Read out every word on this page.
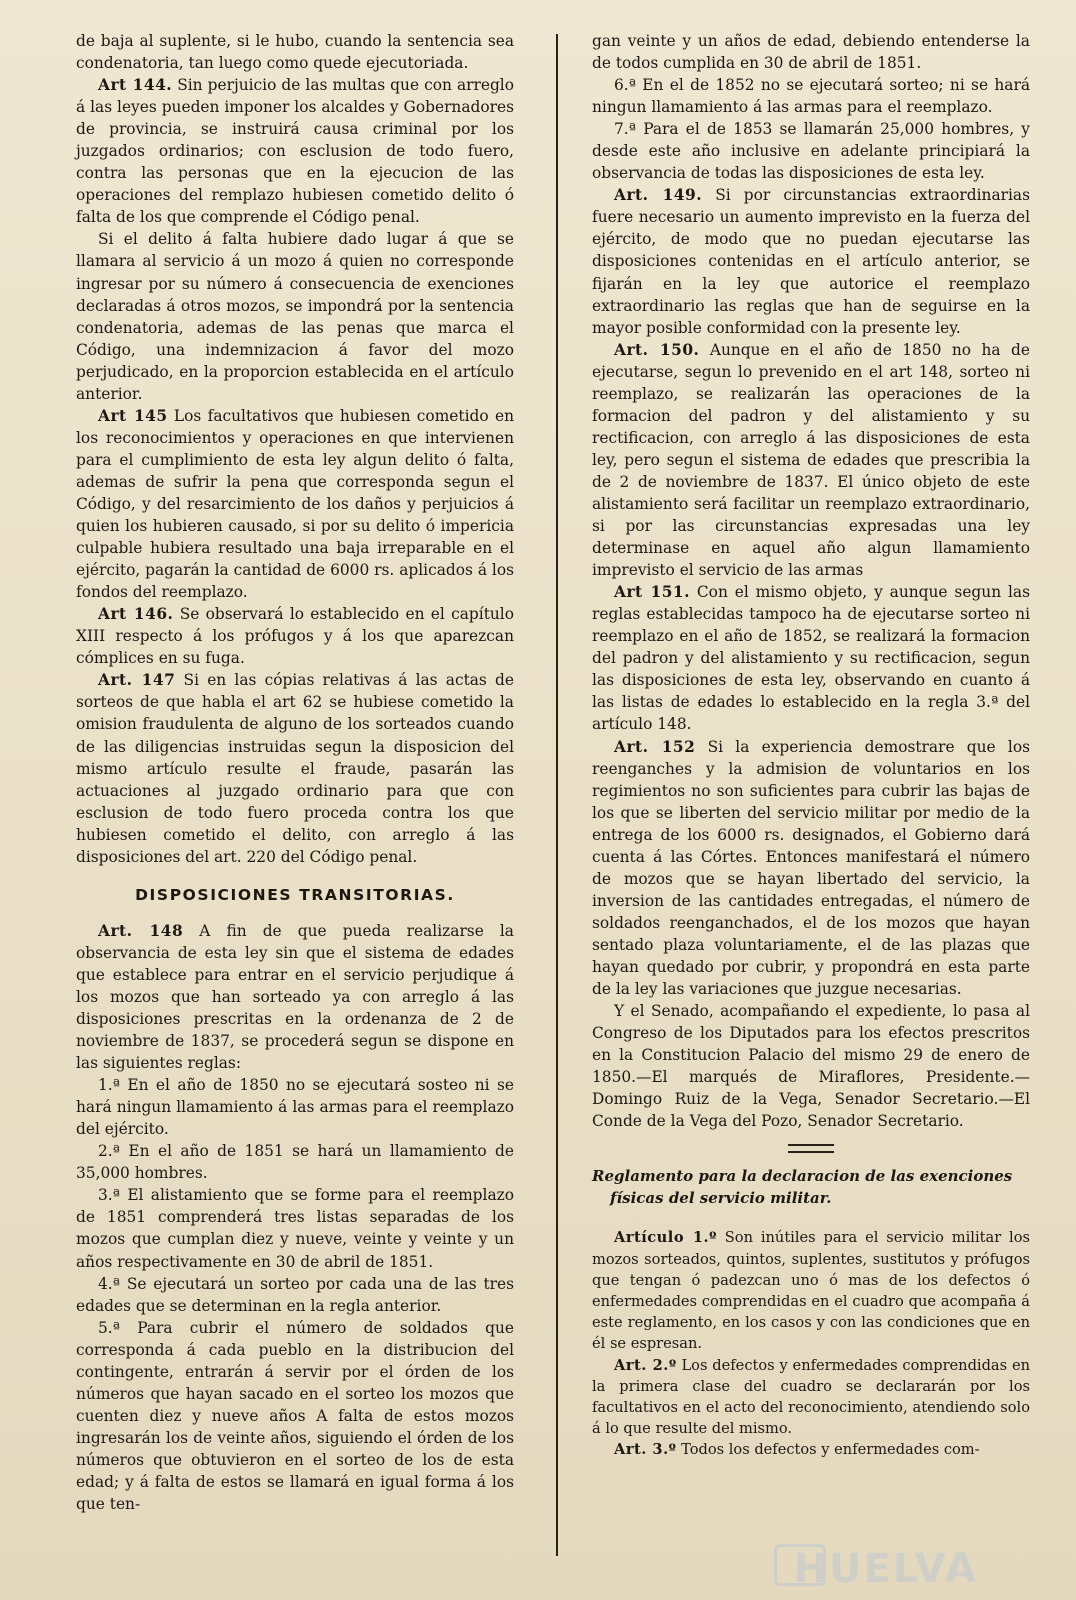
de baja al suplente, si le hubo, cuando la sentencia sea condenatoria, tan luego como quede ejecutoriada.

Art 144. Sin perjuicio de las multas que con arreglo á las leyes pueden imponer los alcaldes y Gobernadores de provincia, se instruirá causa criminal por los juzgados ordinarios; con esclusion de todo fuero, contra las personas que en la ejecucion de las operaciones del remplazo hubiesen cometido delito ó falta de los que comprende el Código penal.

Si el delito á falta hubiere dado lugar á que se llamara al servicio á un mozo á quien no corresponde ingresar por su número á consecuencia de exenciones declaradas á otros mozos, se impondrá por la sentencia condenatoria, ademas de las penas que marca el Código, una indemnizacion á favor del mozo perjudicado, en la proporcion establecida en el artículo anterior.

Art 145 Los facultativos que hubiesen cometido en los reconocimientos y operaciones en que intervienen para el cumplimiento de esta ley algun delito ó falta, ademas de sufrir la pena que corresponda segun el Código, y del resarcimiento de los daños y perjuicios á quien los hubieren causado, si por su delito ó impericia culpable hubiera resultado una baja irreparable en el ejército, pagarán la cantidad de 6000 rs. aplicados á los fondos del reemplazo.

Art 146. Se observará lo establecido en el capítulo XIII respecto á los prófugos y á los que aparezcan cómplices en su fuga.

Art. 147 Si en las cópias relativas á las actas de sorteos de que habla el art 62 se hubiese cometido la omision fraudulenta de alguno de los sorteados cuando de las diligencias instruidas segun la disposicion del mismo artículo resulte el fraude, pasarán las actuaciones al juzgado ordinario para que con esclusion de todo fuero proceda contra los que hubiesen cometido el delito, con arreglo á las disposiciones del art. 220 del Código penal.

DISPOSICIONES TRANSITORIAS.

Art. 148 A fin de que pueda realizarse la observancia de esta ley sin que el sistema de edades que establece para entrar en el servicio perjudique á los mozos que han sorteado ya con arreglo á las disposiciones prescritas en la ordenanza de 2 de noviembre de 1837, se procederá segun se dispone en las siguientes reglas:

1.ª En el año de 1850 no se ejecutará sosteo ni se hará ningun llamamiento á las armas para el reemplazo del ejército.

2.ª En el año de 1851 se hará un llamamiento de 35,000 hombres.

3.ª El alistamiento que se forme para el reemplazo de 1851 comprenderá tres listas separadas de los mozos que cumplan diez y nueve, veinte y veinte y un años respectivamente en 30 de abril de 1851.

4.ª Se ejecutará un sorteo por cada una de las tres edades que se determinan en la regla anterior.

5.ª Para cubrir el número de soldados que corresponda á cada pueblo en la distribucion del contingente, entrarán á servir por el órden de los números que hayan sacado en el sorteo los mozos que cuenten diez y nueve años A falta de estos mozos ingresarán los de veinte años, siguiendo el órden de los números que obtuvieron en el sorteo de los de esta edad; y á falta de estos se llamará en igual forma á los que ten-

gan veinte y un años de edad, debiendo entenderse la de todos cumplida en 30 de abril de 1851.

6.ª En el de 1852 no se ejecutará sorteo; ni se hará ningun llamamiento á las armas para el reemplazo.

7.ª Para el de 1853 se llamarán 25,000 hombres, y desde este año inclusive en adelante principiará la observancia de todas las disposiciones de esta ley.

Art. 149. Si por circunstancias extraordinarias fuere necesario un aumento imprevisto en la fuerza del ejército, de modo que no puedan ejecutarse las disposiciones contenidas en el artículo anterior, se fijarán en la ley que autorice el reemplazo extraordinario las reglas que han de seguirse en la mayor posible conformidad con la presente ley.

Art. 150. Aunque en el año de 1850 no ha de ejecutarse, segun lo prevenido en el art 148, sorteo ni reemplazo, se realizarán las operaciones de la formacion del padron y del alistamiento y su rectificacion, con arreglo á las disposiciones de esta ley, pero segun el sistema de edades que prescribia la de 2 de noviembre de 1837. El único objeto de este alistamiento será facilitar un reemplazo extraordinario, si por las circunstancias expresadas una ley determinase en aquel año algun llamamiento imprevisto el servicio de las armas

Art 151. Con el mismo objeto, y aunque segun las reglas establecidas tampoco ha de ejecutarse sorteo ni reemplazo en el año de 1852, se realizará la formacion del padron y del alistamiento y su rectificacion, segun las disposiciones de esta ley, observando en cuanto á las listas de edades lo establecido en la regla 3.ª del artículo 148.

Art. 152 Si la experiencia demostrare que los reenganches y la admision de voluntarios en los regimientos no son suficientes para cubrir las bajas de los que se liberten del servicio militar por medio de la entrega de los 6000 rs. designados, el Gobierno dará cuenta á las Córtes. Entonces manifestará el número de mozos que se hayan libertado del servicio, la inversion de las cantidades entregadas, el número de soldados reenganchados, el de los mozos que hayan sentado plaza voluntariamente, el de las plazas que hayan quedado por cubrir, y propondrá en esta parte de la ley las variaciones que juzgue necesarias.

Y el Senado, acompañando el expediente, lo pasa al Congreso de los Diputados para los efectos prescritos en la Constitucion Palacio del mismo 29 de enero de 1850.—El marqués de Miraflores, Presidente.—Domingo Ruiz de la Vega, Senador Secretario.—El Conde de la Vega del Pozo, Senador Secretario.

Reglamento para la declaracion de las exenciones
físicas del servicio militar.

Artículo 1.º Son inútiles para el servicio militar los mozos sorteados, quintos, suplentes, sustitutos y prófugos que tengan ó padezcan uno ó mas de los defectos ó enfermedades comprendidas en el cuadro que acompaña á este reglamento, en los casos y con las condiciones que en él se espresan.

Art. 2.º Los defectos y enfermedades comprendidas en la primera clase del cuadro se declararán por los facultativos en el acto del reconocimiento, atendiendo solo á lo que resulte del mismo.

Art. 3.º Todos los defectos y enfermedades com-

HUELVA
